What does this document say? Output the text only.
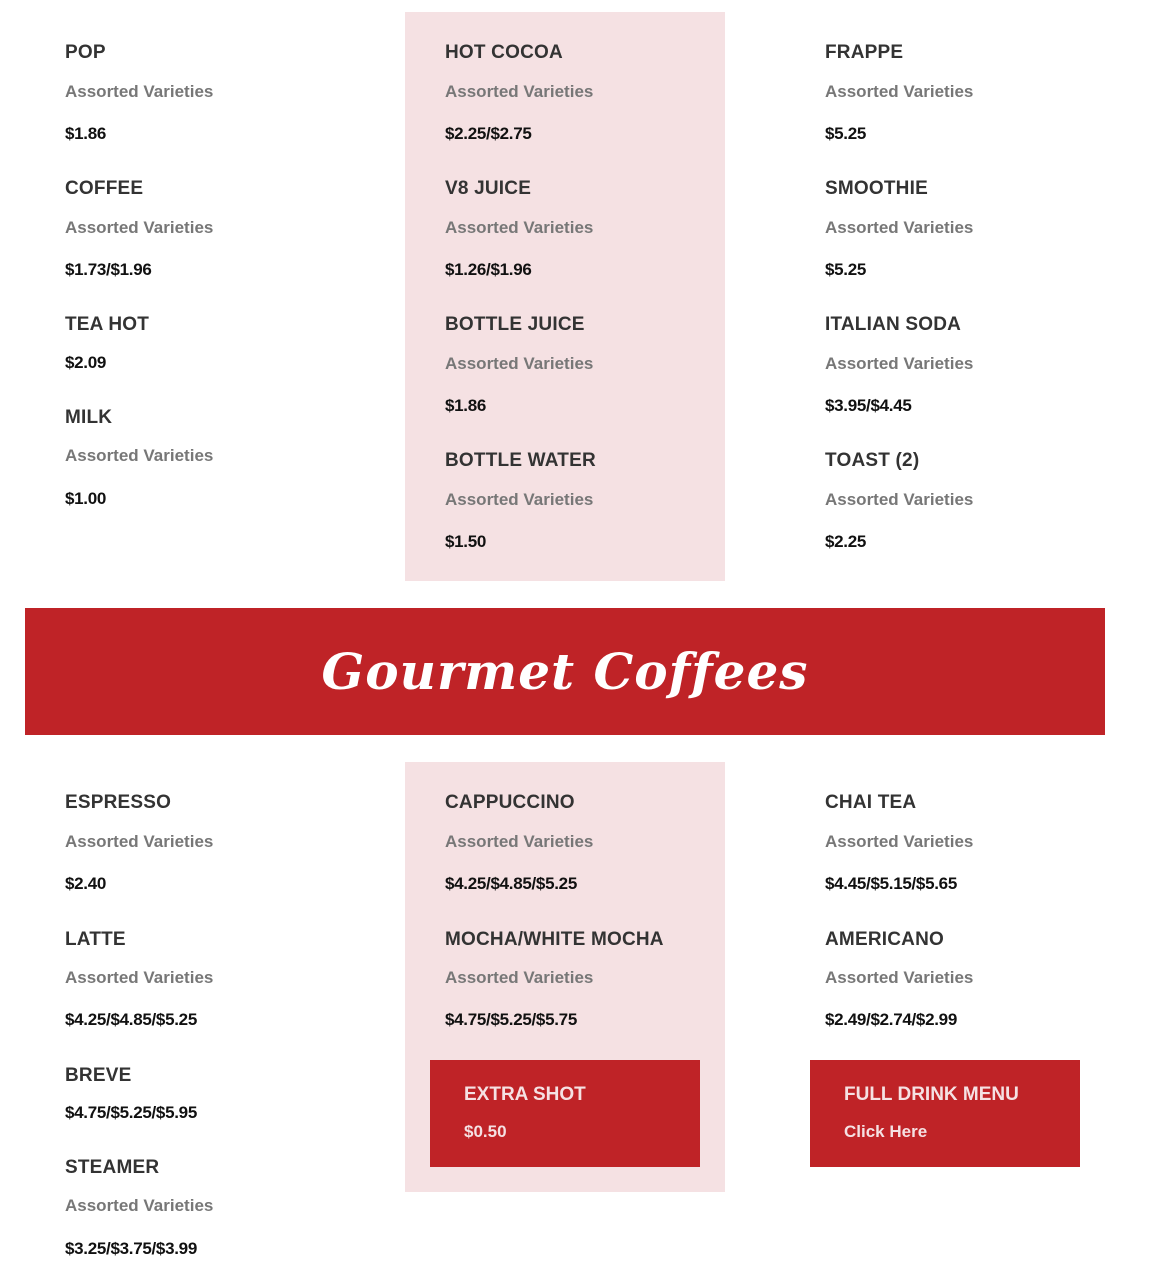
POP
Assorted Varieties
$1.86
COFFEE
Assorted Varieties
$1.73/$1.96
TEA HOT
$2.09
MILK
Assorted Varieties
$1.00
HOT COCOA
Assorted Varieties
$2.25/$2.75
V8 JUICE
Assorted Varieties
$1.26/$1.96
BOTTLE JUICE
Assorted Varieties
$1.86
BOTTLE WATER
Assorted Varieties
$1.50
FRAPPE
Assorted Varieties
$5.25
SMOOTHIE
Assorted Varieties
$5.25
ITALIAN SODA
Assorted Varieties
$3.95/$4.45
TOAST (2)
Assorted Varieties
$2.25
Gourmet Coffees
ESPRESSO
Assorted Varieties
$2.40
LATTE
Assorted Varieties
$4.25/$4.85/$5.25
BREVE
$4.75/$5.25/$5.95
STEAMER
Assorted Varieties
$3.25/$3.75/$3.99
CAPPUCCINO
Assorted Varieties
$4.25/$4.85/$5.25
MOCHA/WHITE MOCHA
Assorted Varieties
$4.75/$5.25/$5.75
EXTRA SHOT
$0.50
CHAI TEA
Assorted Varieties
$4.45/$5.15/$5.65
AMERICANO
Assorted Varieties
$2.49/$2.74/$2.99
FULL DRINK MENU
Click Here
